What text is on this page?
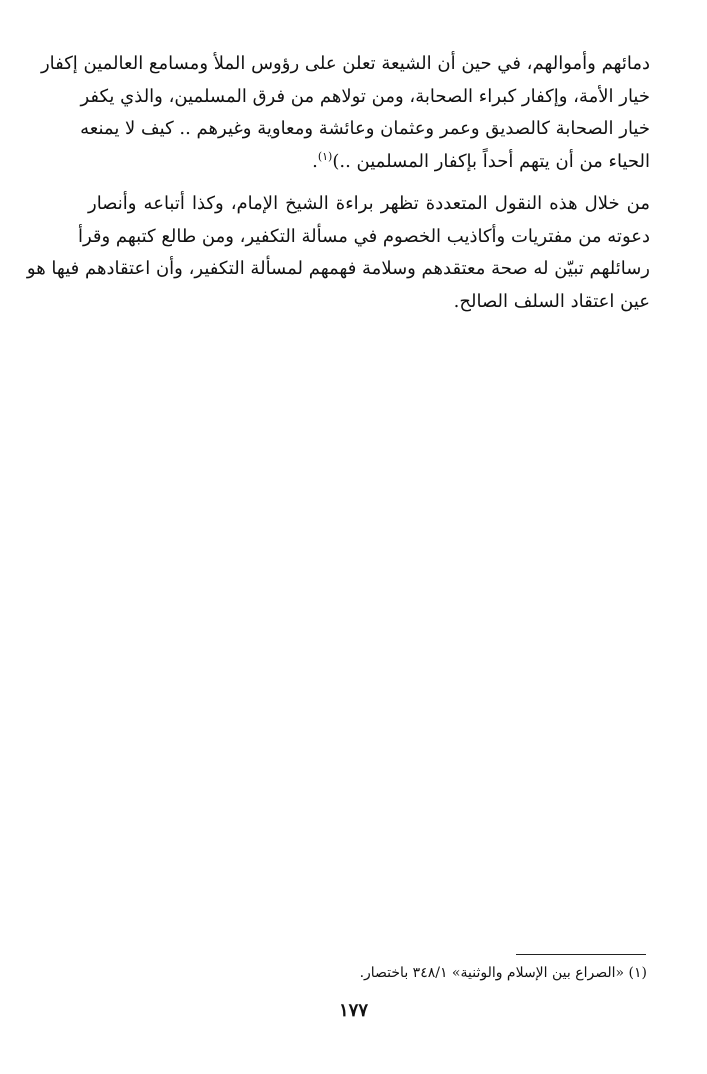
دمائهم وأموالهم، في حين أن الشيعة تعلن على رؤوس الملأ ومسامع العالمين إكفار
خيار الأمة، وإكفار كبراء الصحابة، ومن تولاهم من فرق المسلمين، والذي يكفر
خيار الصحابة كالصديق وعمر وعثمان وعائشة ومعاوية وغيرهم .. كيف لا يمنعه
الحياء من أن يتهم أحداً بإكفار المسلمين ..)$^{(١)}$.

من خلال هذه النقول المتعددة تظهر براءة الشيخ الإمام، وكذا أتباعه وأنصار
دعوته من مفتريات وأكاذيب الخصوم في مسألة التكفير، ومن طالع كتبهم وقرأ
رسائلهم تبيّن له صحة معتقدهم وسلامة فهمهم لمسألة التكفير، وأن اعتقادهم فيها هو
عين اعتقاد السلف الصالح.

(١) «الصراع بين الإسلام والوثنية» ٣٤٨/١ باختصار.
١٧٧
